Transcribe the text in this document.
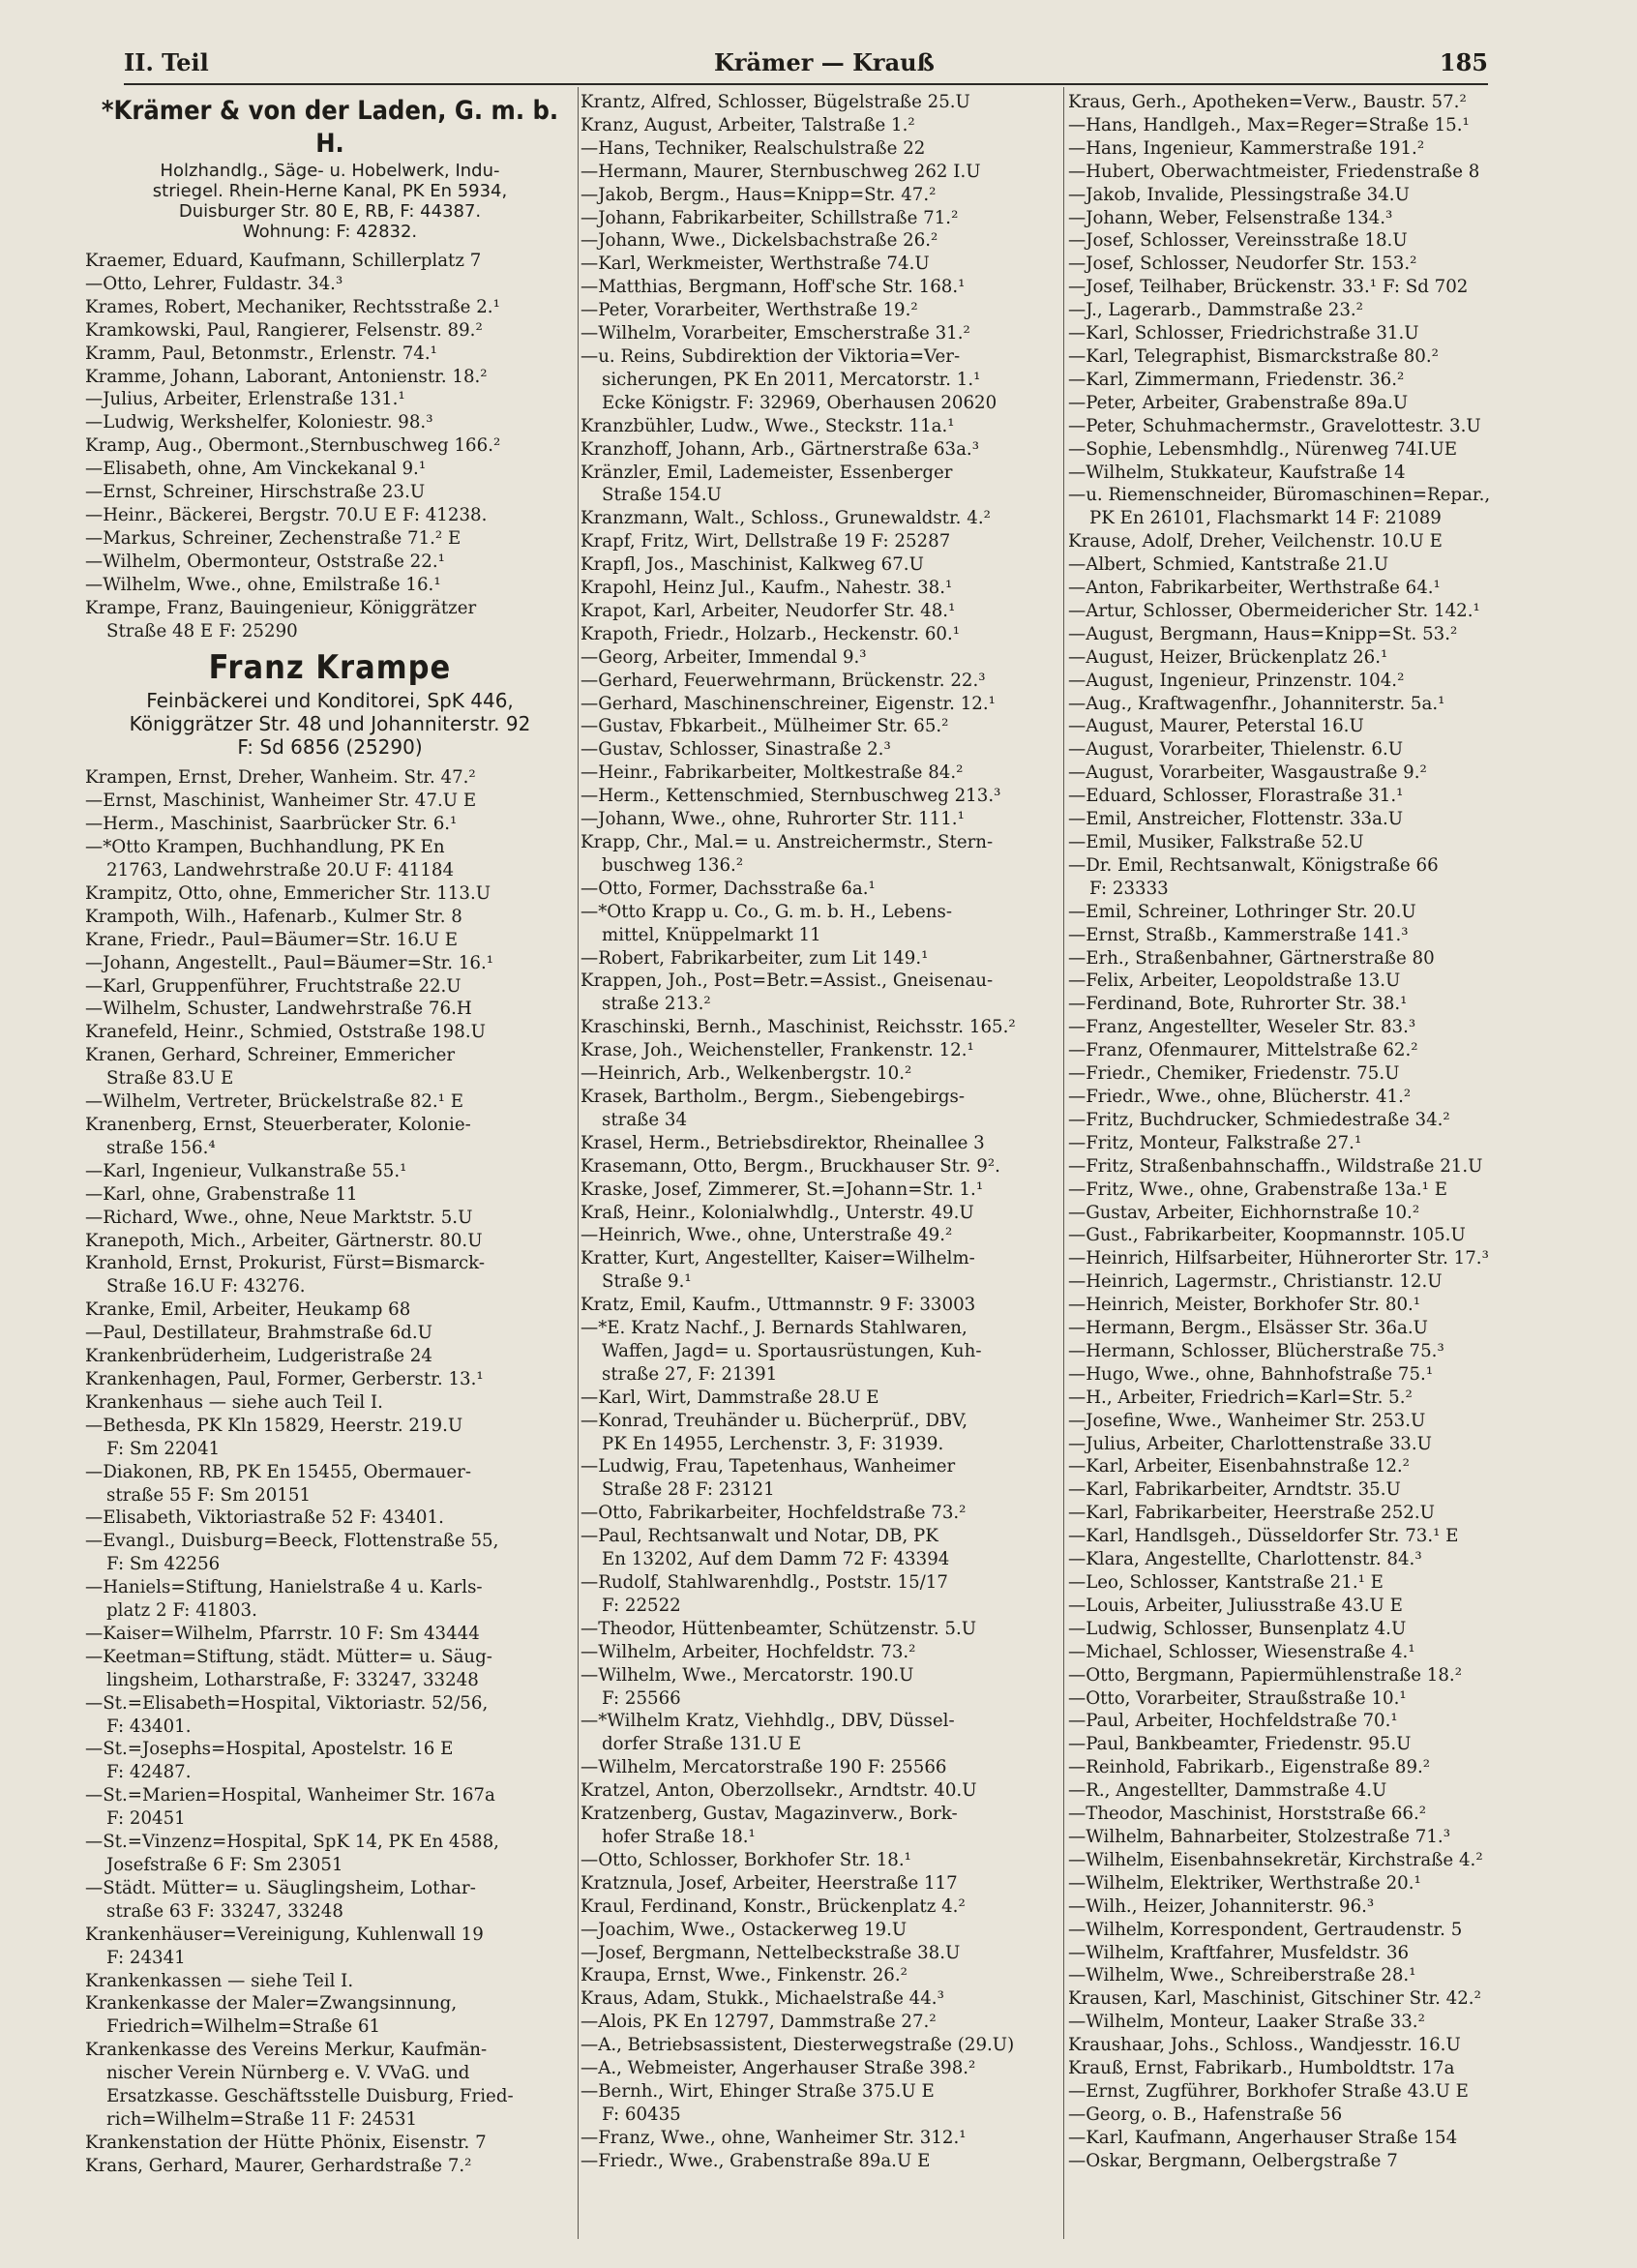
II. Teil	Krämer — Krauß	185
*Krämer & von der Laden, G. m. b. H.
Holzhandlg., Säge- u. Hobelwerk, Indu-
striegel. Rhein-Herne Kanal, PK En 5934,
Duisburger Str. 80 E, RB, F: 44387.
Wohnung: F: 42832.
Kraemer, Eduard, Kaufmann, Schillerplatz 7
—Otto, Lehrer, Fuldastr. 34.³
Krames, Robert, Mechaniker, Rechtsstraße 2.¹
Kramkowski, Paul, Rangierer, Felsenstr. 89.²
Kramm, Paul, Betonmstr., Erlenstr. 74.¹
Kramme, Johann, Laborant, Antonienstr. 18.²
—Julius, Arbeiter, Erlenstraße 131.¹
—Ludwig, Werkshelfer, Koloniestr. 98.³
Kramp, Aug., Obermont.,Sternbuschweg 166.²
—Elisabeth, ohne, Am Vinckekanal 9.¹
—Ernst, Schreiner, Hirschstraße 23.U
—Heinr., Bäckerei, Bergstr. 70.U E F: 41238.
—Markus, Schreiner, Zechenstraße 71.² E
—Wilhelm, Obermonteur, Oststraße 22.¹
—Wilhelm, Wwe., ohne, Emilstraße 16.¹
Krampe, Franz, Bauingenieur, Königgrätzer
Straße 48 E F: 25290
Franz Krampe
Feinbäckerei und Konditorei, SpK 446,
Königgrätzer Str. 48 und Johanniterstr. 92
F: Sd 6856 (25290)
Krampen, Ernst, Dreher, Wanheim. Str. 47.²
—Ernst, Maschinist, Wanheimer Str. 47.U E
—Herm., Maschinist, Saarbrücker Str. 6.¹
—*Otto Krampen, Buchhandlung, PK En
21763, Landwehrstraße 20.U F: 41184
Krampitz, Otto, ohne, Emmericher Str. 113.U
Krampoth, Wilh., Hafenarb., Kulmer Str. 8
Krane, Friedr., Paul=Bäumer=Str. 16.U E
—Johann, Angestellt., Paul=Bäumer=Str. 16.¹
—Karl, Gruppenführer, Fruchtstraße 22.U
—Wilhelm, Schuster, Landwehrstraße 76.H
Kranefeld, Heinr., Schmied, Oststraße 198.U
Kranen, Gerhard, Schreiner, Emmericher
Straße 83.U E
—Wilhelm, Vertreter, Brückelstraße 82.¹ E
Kranenberg, Ernst, Steuerberater, Kolonie-
straße 156.⁴
—Karl, Ingenieur, Vulkanstraße 55.¹
—Karl, ohne, Grabenstraße 11
—Richard, Wwe., ohne, Neue Marktstr. 5.U
Kranepoth, Mich., Arbeiter, Gärtnerstr. 80.U
Kranhold, Ernst, Prokurist, Fürst=Bismarck-
Straße 16.U F: 43276.
Kranke, Emil, Arbeiter, Heukamp 68
—Paul, Destillateur, Brahmstraße 6d.U
Krankenbrüderheim, Ludgeristraße 24
Krankenhagen, Paul, Former, Gerberstr. 13.¹
Krankenhaus — siehe auch Teil I.
—Bethesda, PK Kln 15829, Heerstr. 219.U
F: Sm 22041
—Diakonen, RB, PK En 15455, Obermauer-
straße 55 F: Sm 20151
—Elisabeth, Viktoriastraße 52 F: 43401.
—Evangl., Duisburg=Beeck, Flottenstraße 55,
F: Sm 42256
—Haniels=Stiftung, Hanielstraße 4 u. Karls-
platz 2 F: 41803.
—Kaiser=Wilhelm, Pfarrstr. 10 F: Sm 43444
—Keetman=Stiftung, städt. Mütter= u. Säug-
lingsheim, Lotharstraße, F: 33247, 33248
—St.=Elisabeth=Hospital, Viktoriastr. 52/56,
F: 43401.
—St.=Josephs=Hospital, Apostelstr. 16 E
F: 42487.
—St.=Marien=Hospital, Wanheimer Str. 167a
F: 20451
—St.=Vinzenz=Hospital, SpK 14, PK En 4588,
Josefstraße 6 F: Sm 23051
—Städt. Mütter= u. Säuglingsheim, Lothar-
straße 63 F: 33247, 33248
Krankenhäuser=Vereinigung, Kuhlenwall 19
F: 24341
Krankenkassen — siehe Teil I.
Krankenkasse der Maler=Zwangsinnung,
Friedrich=Wilhelm=Straße 61
Krankenkasse des Vereins Merkur, Kaufmän-
nischer Verein Nürnberg e. V. VVaG. und
Ersatzkasse. Geschäftsstelle Duisburg, Fried-
rich=Wilhelm=Straße 11 F: 24531
Krankenstation der Hütte Phönix, Eisenstr. 7
Krans, Gerhard, Maurer, Gerhardstraße 7.²
Krantz, Alfred, Schlosser, Bügelstraße 25.U
Kranz, August, Arbeiter, Talstraße 1.²
—Hans, Techniker, Realschulstraße 22
—Hermann, Maurer, Sternbuschweg 262 I.U
—Jakob, Bergm., Haus=Knipp=Str. 47.²
—Johann, Fabrikarbeiter, Schillstraße 71.²
—Johann, Wwe., Dickelsbachstraße 26.²
—Karl, Werkmeister, Werthstraße 74.U
—Matthias, Bergmann, Hoff'sche Str. 168.¹
—Peter, Vorarbeiter, Werthstraße 19.²
—Wilhelm, Vorarbeiter, Emscherstraße 31.²
—u. Reins, Subdirektion der Viktoria=Ver-
sicherungen, PK En 2011, Mercatorstr. 1.¹
Ecke Königstr. F: 32969, Oberhausen 20620
Kranzbühler, Ludw., Wwe., Steckstr. 11a.¹
Kranzhoff, Johann, Arb., Gärtnerstraße 63a.³
Kränzler, Emil, Lademeister, Essenberger
Straße 154.U
Kranzmann, Walt., Schloss., Grunewaldstr. 4.²
Krapf, Fritz, Wirt, Dellstraße 19 F: 25287
Krapfl, Jos., Maschinist, Kalkweg 67.U
Krapohl, Heinz Jul., Kaufm., Nahestr. 38.¹
Krapot, Karl, Arbeiter, Neudorfer Str. 48.¹
Krapoth, Friedr., Holzarb., Heckenstr. 60.¹
—Georg, Arbeiter, Immendal 9.³
—Gerhard, Feuerwehrmann, Brückenstr. 22.³
—Gerhard, Maschinenschreiner, Eigenstr. 12.¹
—Gustav, Fbkarbeit., Mülheimer Str. 65.²
—Gustav, Schlosser, Sinastraße 2.³
—Heinr., Fabrikarbeiter, Moltkestraße 84.²
—Herm., Kettenschmied, Sternbuschweg 213.³
—Johann, Wwe., ohne, Ruhrorter Str. 111.¹
Krapp, Chr., Mal.= u. Anstreichermstr., Stern-
buschweg 136.²
—Otto, Former, Dachsstraße 6a.¹
—*Otto Krapp u. Co., G. m. b. H., Lebens-
mittel, Knüppelmarkt 11
—Robert, Fabrikarbeiter, zum Lit 149.¹
Krappen, Joh., Post=Betr.=Assist., Gneisenau-
straße 213.²
Kraschinski, Bernh., Maschinist, Reichsstr. 165.²
Krase, Joh., Weichensteller, Frankenstr. 12.¹
—Heinrich, Arb., Welkenbergstr. 10.²
Krasek, Bartholm., Bergm., Siebengebirgs-
straße 34
Krasel, Herm., Betriebsdirektor, Rheinallee 3
Krasemann, Otto, Bergm., Bruckhauser Str. 9².
Kraske, Josef, Zimmerer, St.=Johann=Str. 1.¹
Kraß, Heinr., Kolonialwhdlg., Unterstr. 49.U
—Heinrich, Wwe., ohne, Unterstraße 49.²
Kratter, Kurt, Angestellter, Kaiser=Wilhelm-
Straße 9.¹
Kratz, Emil, Kaufm., Uttmannstr. 9 F: 33003
—*E. Kratz Nachf., J. Bernards Stahlwaren,
Waffen, Jagd= u. Sportausrüstungen, Kuh-
straße 27, F: 21391
—Karl, Wirt, Dammstraße 28.U E
—Konrad, Treuhänder u. Bücherprüf., DBV,
PK En 14955, Lerchenstr. 3, F: 31939.
—Ludwig, Frau, Tapetenhaus, Wanheimer
Straße 28 F: 23121
—Otto, Fabrikarbeiter, Hochfeldstraße 73.²
—Paul, Rechtsanwalt und Notar, DB, PK
En 13202, Auf dem Damm 72 F: 43394
—Rudolf, Stahlwarenhdlg., Poststr. 15/17
F: 22522
—Theodor, Hüttenbeamter, Schützenstr. 5.U
—Wilhelm, Arbeiter, Hochfeldstr. 73.²
—Wilhelm, Wwe., Mercatorstr. 190.U
F: 25566
—*Wilhelm Kratz, Viehhdlg., DBV, Düssel-
dorfer Straße 131.U E
—Wilhelm, Mercatorstraße 190 F: 25566
Kratzel, Anton, Oberzollsekr., Arndtstr. 40.U
Kratzenberg, Gustav, Magazinverw., Bork-
hofer Straße 18.¹
—Otto, Schlosser, Borkhofer Str. 18.¹
Kratznula, Josef, Arbeiter, Heerstraße 117
Kraul, Ferdinand, Konstr., Brückenplatz 4.²
—Joachim, Wwe., Ostackerweg 19.U
—Josef, Bergmann, Nettelbeckstraße 38.U
Kraupa, Ernst, Wwe., Finkenstr. 26.²
Kraus, Adam, Stukk., Michaelstraße 44.³
—Alois, PK En 12797, Dammstraße 27.²
—A., Betriebsassistent, Diesterwegstraße (29.U)
—A., Webmeister, Angerhauser Straße 398.²
—Bernh., Wirt, Ehinger Straße 375.U E
F: 60435
—Franz, Wwe., ohne, Wanheimer Str. 312.¹
—Friedr., Wwe., Grabenstraße 89a.U E
Kraus, Gerh., Apotheken=Verw., Baustr. 57.²
—Hans, Handlgeh., Max=Reger=Straße 15.¹
—Hans, Ingenieur, Kammerstraße 191.²
—Hubert, Oberwachtmeister, Friedenstraße 8
—Jakob, Invalide, Plessingstraße 34.U
—Johann, Weber, Felsenstraße 134.³
—Josef, Schlosser, Vereinsstraße 18.U
—Josef, Schlosser, Neudorfer Str. 153.²
—Josef, Teilhaber, Brückenstr. 33.¹ F: Sd 702
—J., Lagerarb., Dammstraße 23.²
—Karl, Schlosser, Friedrichstraße 31.U
—Karl, Telegraphist, Bismarckstraße 80.²
—Karl, Zimmermann, Friedenstr. 36.²
—Peter, Arbeiter, Grabenstraße 89a.U
—Peter, Schuhmachermstr., Gravelottestr. 3.U
—Sophie, Lebensmhdlg., Nürenweg 74I.UE
—Wilhelm, Stukkateur, Kaufstraße 14
—u. Riemenschneider, Büromaschinen=Repar.,
PK En 26101, Flachsmarkt 14 F: 21089
Krause, Adolf, Dreher, Veilchenstr. 10.U E
—Albert, Schmied, Kantstraße 21.U
—Anton, Fabrikarbeiter, Werthstraße 64.¹
—Artur, Schlosser, Obermeidericher Str. 142.¹
—August, Bergmann, Haus=Knipp=St. 53.²
—August, Heizer, Brückenplatz 26.¹
—August, Ingenieur, Prinzenstr. 104.²
—Aug., Kraftwagenfhr., Johanniterstr. 5a.¹
—August, Maurer, Peterstal 16.U
—August, Vorarbeiter, Thielenstr. 6.U
—August, Vorarbeiter, Wasgaustraße 9.²
—Eduard, Schlosser, Florastraße 31.¹
—Emil, Anstreicher, Flottenstr. 33a.U
—Emil, Musiker, Falkstraße 52.U
—Dr. Emil, Rechtsanwalt, Königstraße 66
F: 23333
—Emil, Schreiner, Lothringer Str. 20.U
—Ernst, Straßb., Kammerstraße 141.³
—Erh., Straßenbahner, Gärtnerstraße 80
—Felix, Arbeiter, Leopoldstraße 13.U
—Ferdinand, Bote, Ruhrorter Str. 38.¹
—Franz, Angestellter, Weseler Str. 83.³
—Franz, Ofenmaurer, Mittelstraße 62.²
—Friedr., Chemiker, Friedenstr. 75.U
—Friedr., Wwe., ohne, Blücherstr. 41.²
—Fritz, Buchdrucker, Schmiedestraße 34.²
—Fritz, Monteur, Falkstraße 27.¹
—Fritz, Straßenbahnschaffn., Wildstraße 21.U
—Fritz, Wwe., ohne, Grabenstraße 13a.¹ E
—Gustav, Arbeiter, Eichhornstraße 10.²
—Gust., Fabrikarbeiter, Koopmannstr. 105.U
—Heinrich, Hilfsarbeiter, Hühnerorter Str. 17.³
—Heinrich, Lagermstr., Christianstr. 12.U
—Heinrich, Meister, Borkhofer Str. 80.¹
—Hermann, Bergm., Elsässer Str. 36a.U
—Hermann, Schlosser, Blücherstraße 75.³
—Hugo, Wwe., ohne, Bahnhofstraße 75.¹
—H., Arbeiter, Friedrich=Karl=Str. 5.²
—Josefine, Wwe., Wanheimer Str. 253.U
—Julius, Arbeiter, Charlottenstraße 33.U
—Karl, Arbeiter, Eisenbahnstraße 12.²
—Karl, Fabrikarbeiter, Arndtstr. 35.U
—Karl, Fabrikarbeiter, Heerstraße 252.U
—Karl, Handlsgeh., Düsseldorfer Str. 73.¹ E
—Klara, Angestellte, Charlottenstr. 84.³
—Leo, Schlosser, Kantstraße 21.¹ E
—Louis, Arbeiter, Juliusstraße 43.U E
—Ludwig, Schlosser, Bunsenplatz 4.U
—Michael, Schlosser, Wiesenstraße 4.¹
—Otto, Bergmann, Papiermühlenstraße 18.²
—Otto, Vorarbeiter, Straußstraße 10.¹
—Paul, Arbeiter, Hochfeldstraße 70.¹
—Paul, Bankbeamter, Friedenstr. 95.U
—Reinhold, Fabrikarb., Eigenstraße 89.²
—R., Angestellter, Dammstraße 4.U
—Theodor, Maschinist, Horststraße 66.²
—Wilhelm, Bahnarbeiter, Stolzestraße 71.³
—Wilhelm, Eisenbahnsekretär, Kirchstraße 4.²
—Wilhelm, Elektriker, Werthstraße 20.¹
—Wilh., Heizer, Johanniterstr. 96.³
—Wilhelm, Korrespondent, Gertraudenstr. 5
—Wilhelm, Kraftfahrer, Musfeldstr. 36
—Wilhelm, Wwe., Schreiberstraße 28.¹
Krausen, Karl, Maschinist, Gitschiner Str. 42.²
—Wilhelm, Monteur, Laaker Straße 33.²
Kraushaar, Johs., Schloss., Wandjesstr. 16.U
Krauß, Ernst, Fabrikarb., Humboldtstr. 17a
—Ernst, Zugführer, Borkhofer Straße 43.U E
—Georg, o. B., Hafenstraße 56
—Karl, Kaufmann, Angerhauser Straße 154
—Oskar, Bergmann, Oelbergstraße 7
